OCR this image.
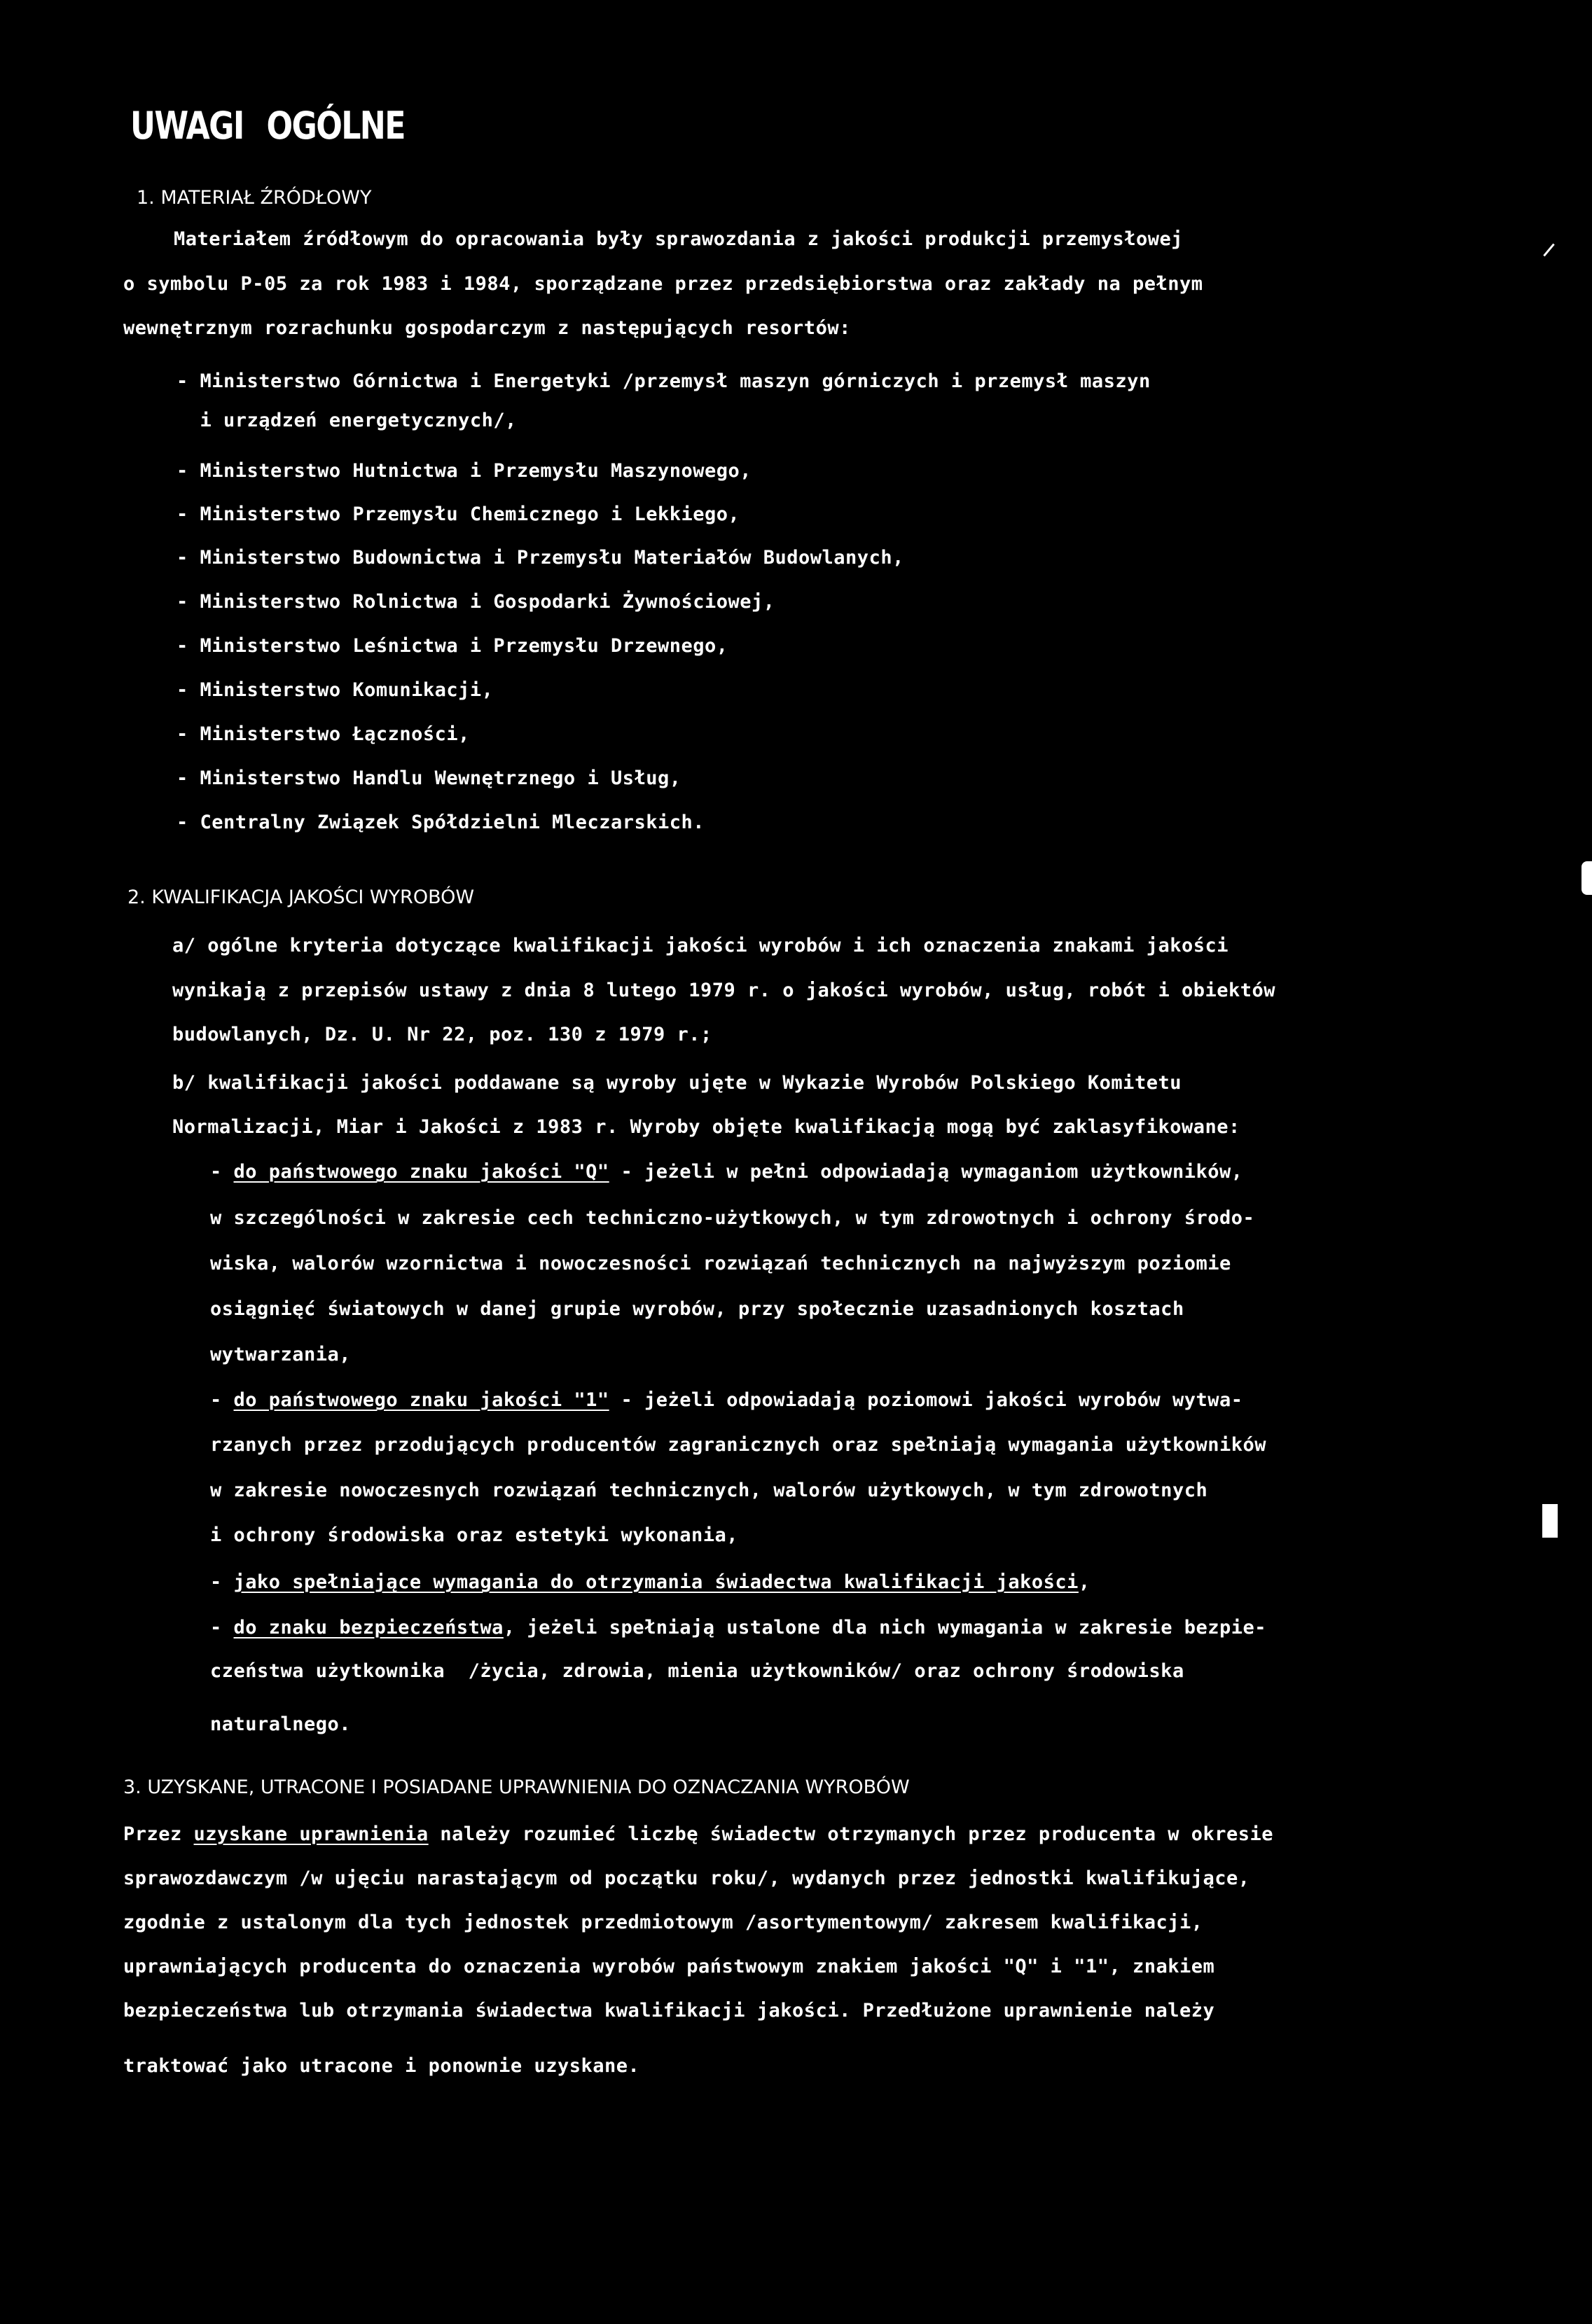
UWAGI OGÓLNE
1. MATERIAŁ ŹRÓDŁOWY
Materiałem źródłowym do opracowania były sprawozdania z jakości produkcji przemysłowej
o symbolu P-05 za rok 1983 i 1984, sporządzane przez przedsiębiorstwa oraz zakłady na pełnym
wewnętrznym rozrachunku gospodarczym z następujących resortów:
- Ministerstwo Górnictwa i Energetyki /przemysł maszyn górniczych i przemysł maszyn
i urządzeń energetycznych/,
- Ministerstwo Hutnictwa i Przemysłu Maszynowego,
- Ministerstwo Przemysłu Chemicznego i Lekkiego,
- Ministerstwo Budownictwa i Przemysłu Materiałów Budowlanych,
- Ministerstwo Rolnictwa i Gospodarki Żywnościowej,
- Ministerstwo Leśnictwa i Przemysłu Drzewnego,
- Ministerstwo Komunikacji,
- Ministerstwo Łączności,
- Ministerstwo Handlu Wewnętrznego i Usług,
- Centralny Związek Spółdzielni Mleczarskich.
2. KWALIFIKACJA JAKOŚCI WYROBÓW
a/ ogólne kryteria dotyczące kwalifikacji jakości wyrobów i ich oznaczenia znakami jakości
wynikają z przepisów ustawy z dnia 8 lutego 1979 r. o jakości wyrobów, usług, robót i obiektów
budowlanych, Dz. U. Nr 22, poz. 130 z 1979 r.;
b/ kwalifikacji jakości poddawane są wyroby ujęte w Wykazie Wyrobów Polskiego Komitetu
Normalizacji, Miar i Jakości z 1983 r. Wyroby objęte kwalifikacją mogą być zaklasyfikowane:
- do państwowego znaku jakości "Q" - jeżeli w pełni odpowiadają wymaganiom użytkowników,
w szczególności w zakresie cech techniczno-użytkowych, w tym zdrowotnych i ochrony środo-
wiska, walorów wzornictwa i nowoczesności rozwiązań technicznych na najwyższym poziomie
osiągnięć światowych w danej grupie wyrobów, przy społecznie uzasadnionych kosztach
wytwarzania,
- do państwowego znaku jakości "1" - jeżeli odpowiadają poziomowi jakości wyrobów wytwa-
rzanych przez przodujących producentów zagranicznych oraz spełniają wymagania użytkowników
w zakresie nowoczesnych rozwiązań technicznych, walorów użytkowych, w tym zdrowotnych
i ochrony środowiska oraz estetyki wykonania,
- jako spełniające wymagania do otrzymania świadectwa kwalifikacji jakości,
- do znaku bezpieczeństwa, jeżeli spełniają ustalone dla nich wymagania w zakresie bezpie-
czeństwa użytkownika  /życia, zdrowia, mienia użytkowników/ oraz ochrony środowiska
naturalnego.
3. UZYSKANE, UTRACONE I POSIADANE UPRAWNIENIA DO OZNACZANIA WYROBÓW
Przez uzyskane uprawnienia należy rozumieć liczbę świadectw otrzymanych przez producenta w okresie
sprawozdawczym /w ujęciu narastającym od początku roku/, wydanych przez jednostki kwalifikujące,
zgodnie z ustalonym dla tych jednostek przedmiotowym /asortymentowym/ zakresem kwalifikacji,
uprawniających producenta do oznaczenia wyrobów państwowym znakiem jakości "Q" i "1", znakiem
bezpieczeństwa lub otrzymania świadectwa kwalifikacji jakości. Przedłużone uprawnienie należy
traktować jako utracone i ponownie uzyskane.
